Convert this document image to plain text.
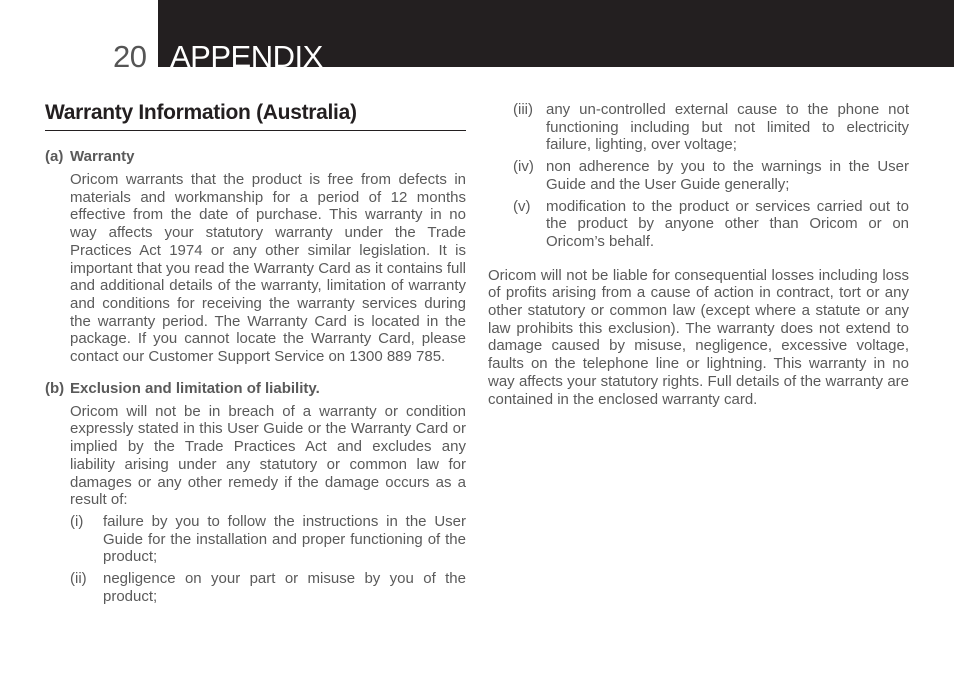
20 APPENDIX
Warranty Information (Australia)
(a) Warranty

Oricom warrants that the product is free from defects in materials and workmanship for a period of 12 months effective from the date of purchase. This warranty in no way affects your statutory warranty under the Trade Practices Act 1974 or any other similar legislation. It is important that you read the Warranty Card as it contains full and additional details of the warranty, limitation of warranty and conditions for receiving the warranty services during the warranty period. The Warranty Card is located in the package. If you cannot locate the Warranty Card, please contact our Customer Support Service on 1300 889 785.

(b) Exclusion and limitation of liability.

Oricom will not be in breach of a warranty or condition expressly stated in this User Guide or the Warranty Card or implied by the Trade Practices Act and excludes any liability arising under any statutory or common law for damages or any other remedy if the damage occurs as a result of:

(i)	failure by you to follow the instructions in the User Guide for the installation and proper functioning of the product;
(ii)	negligence on your part or misuse by you of the product;
(iii) any un-controlled external cause to the phone not functioning including but not limited to electricity failure, lighting, over voltage;
(iv) non adherence by you to the warnings in the User Guide and the User Guide generally;
(v)	modification to the product or services carried out to the product by anyone other than Oricom or on Oricom’s behalf.

Oricom will not be liable for consequential losses including loss of profits arising from a cause of action in contract, tort or any other statutory or common law (except where a statute or any law prohibits this exclusion). The warranty does not extend to damage caused by misuse, negligence, excessive voltage, faults on the telephone line or lightning. This warranty in no way affects your statutory rights. Full details of the warranty are contained in the enclosed warranty card.
